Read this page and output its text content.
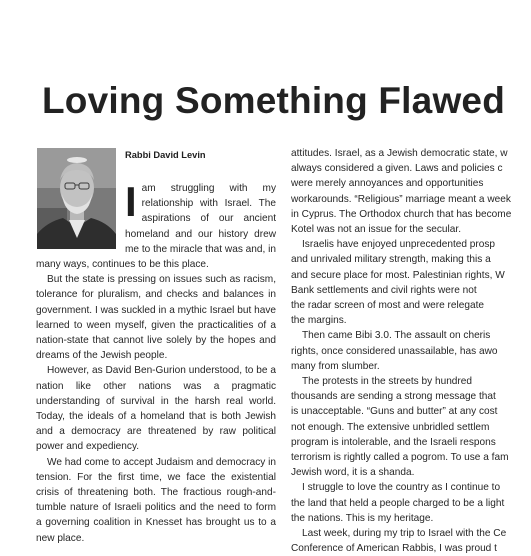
Loving Something Flawed
Rabbi David Levin

Iam struggling with my relationship with Israel. The aspirations of our ancient homeland and our history drew me to the miracle that was and, in many ways, continues to be this place.

But the state is pressing on issues such as racism, tolerance for pluralism, and checks and balances in government. I was suckled in a mythic Israel but have learned to ween myself, given the practicalities of a nation-state that cannot live solely by the hopes and dreams of the Jewish people.

However, as David Ben-Gurion understood, to be a nation like other nations was a pragmatic understanding of survival in the harsh real world. Today, the ideals of a homeland that is both Jewish and a democracy are threatened by raw political power and expediency.

We had come to accept Judaism and democracy in tension. For the first time, we face the existential crisis of threatening both. The fractious rough-and-tumble nature of Israeli politics and the need to form a governing coalition in Knesset has brought us to a new place.

attitudes. Israel, as a Jewish democratic state, w
always considered a given. Laws and policies c
were merely annoyances and opportunities
workarounds. “Religious” marriage meant a week
in Cyprus. The Orthodox church that has become
Kotel was not an issue for the secular.
Israelis have enjoyed unprecedented prosp
and unrivaled military strength, making this a
and secure place for most. Palestinian rights, W
Bank settlements and civil rights were not
the radar screen of most and were relegate
the margins.
Then came Bibi 3.0. The assault on cheris
rights, once considered unassailable, has awo
many from slumber.
The protests in the streets by hundred
thousands are sending a strong message that
is unacceptable. “Guns and butter” at any cost
not enough. The extensive unbridled settlem
program is intolerable, and the Israeli respons
terrorism is rightly called a pogrom. To use a fam
Jewish word, it is a shanda.
I struggle to love the country as I continue to
the land that held a people charged to be a light
the nations. This is my heritage.
Last week, during my trip to Israel with the Ce
Conference of American Rabbis, I was proud t
